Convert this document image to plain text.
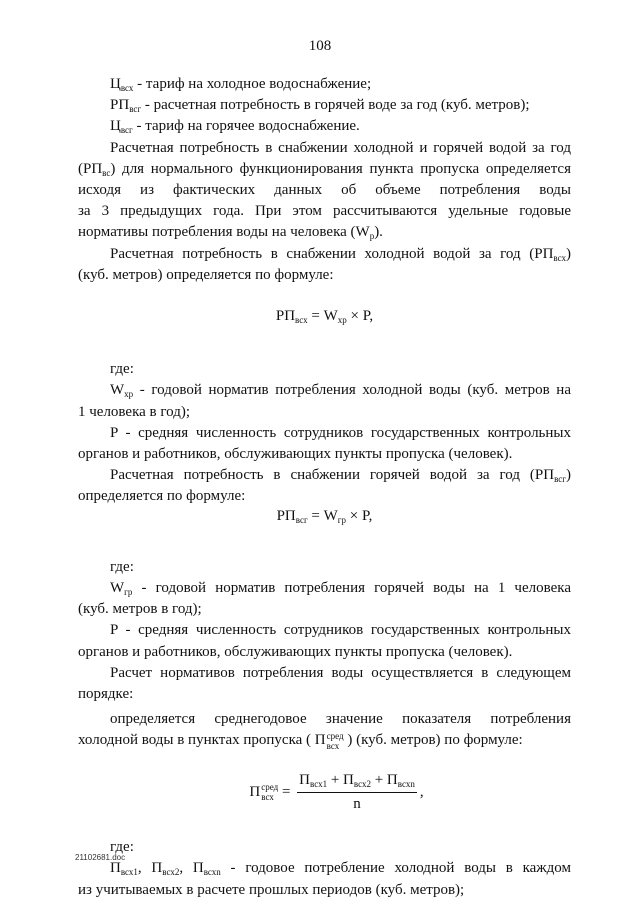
108
$Ц_{всх}$ - тариф на холодное водоснабжение;
$РП_{всг}$ - расчетная потребность в горячей воде за год (куб. метров);
$Ц_{всг}$ - тариф на горячее водоснабжение.
Расчетная потребность в снабжении холодной и горячей водой за год
$(РП_{вс})$ для нормального функционирования пункта пропуска определяется
исходя из фактических данных об объеме потребления воды
за 3 предыдущих года. При этом рассчитываются удельные годовые
нормативы потребления воды на человека $(W_р)$.
Расчетная потребность в снабжении холодной водой за год $(РП_{всх})$
(куб. метров) определяется по формуле:
$РП_{всх} = W_{хр} \times P$,
где:
$W_{хр}$ - годовой норматив потребления холодной воды (куб. метров на
1 человека в год);
P - средняя численность сотрудников государственных контрольных
органов и работников, обслуживающих пункты пропуска (человек).
Расчетная потребность в снабжении горячей водой за год $(РП_{всг})$
определяется по формуле:
$РП_{всг} = W_{гр} \times P$,
где:
$W_{гр}$ - годовой норматив потребления горячей воды на 1 человека
(куб. метров в год);
P - средняя численность сотрудников государственных контрольных
органов и работников, обслуживающих пункты пропуска (человек).
Расчет нормативов потребления воды осуществляется в следующем
порядке:
определяется среднегодовое значение показателя потребления
холодной воды в пунктах пропуска ( Псред
всх ) (куб. метров) по формуле:
Псред
всх = $\frac{П_{всх1} + П_{всх2} + П_{всхn}}{n}$ ,
где:
$П_{всх1}$, $П_{всх2}$, $П_{всхn}$ - годовое потребление холодной воды в каждом
из учитываемых в расчете прошлых периодов (куб. метров);
21102681.doc
